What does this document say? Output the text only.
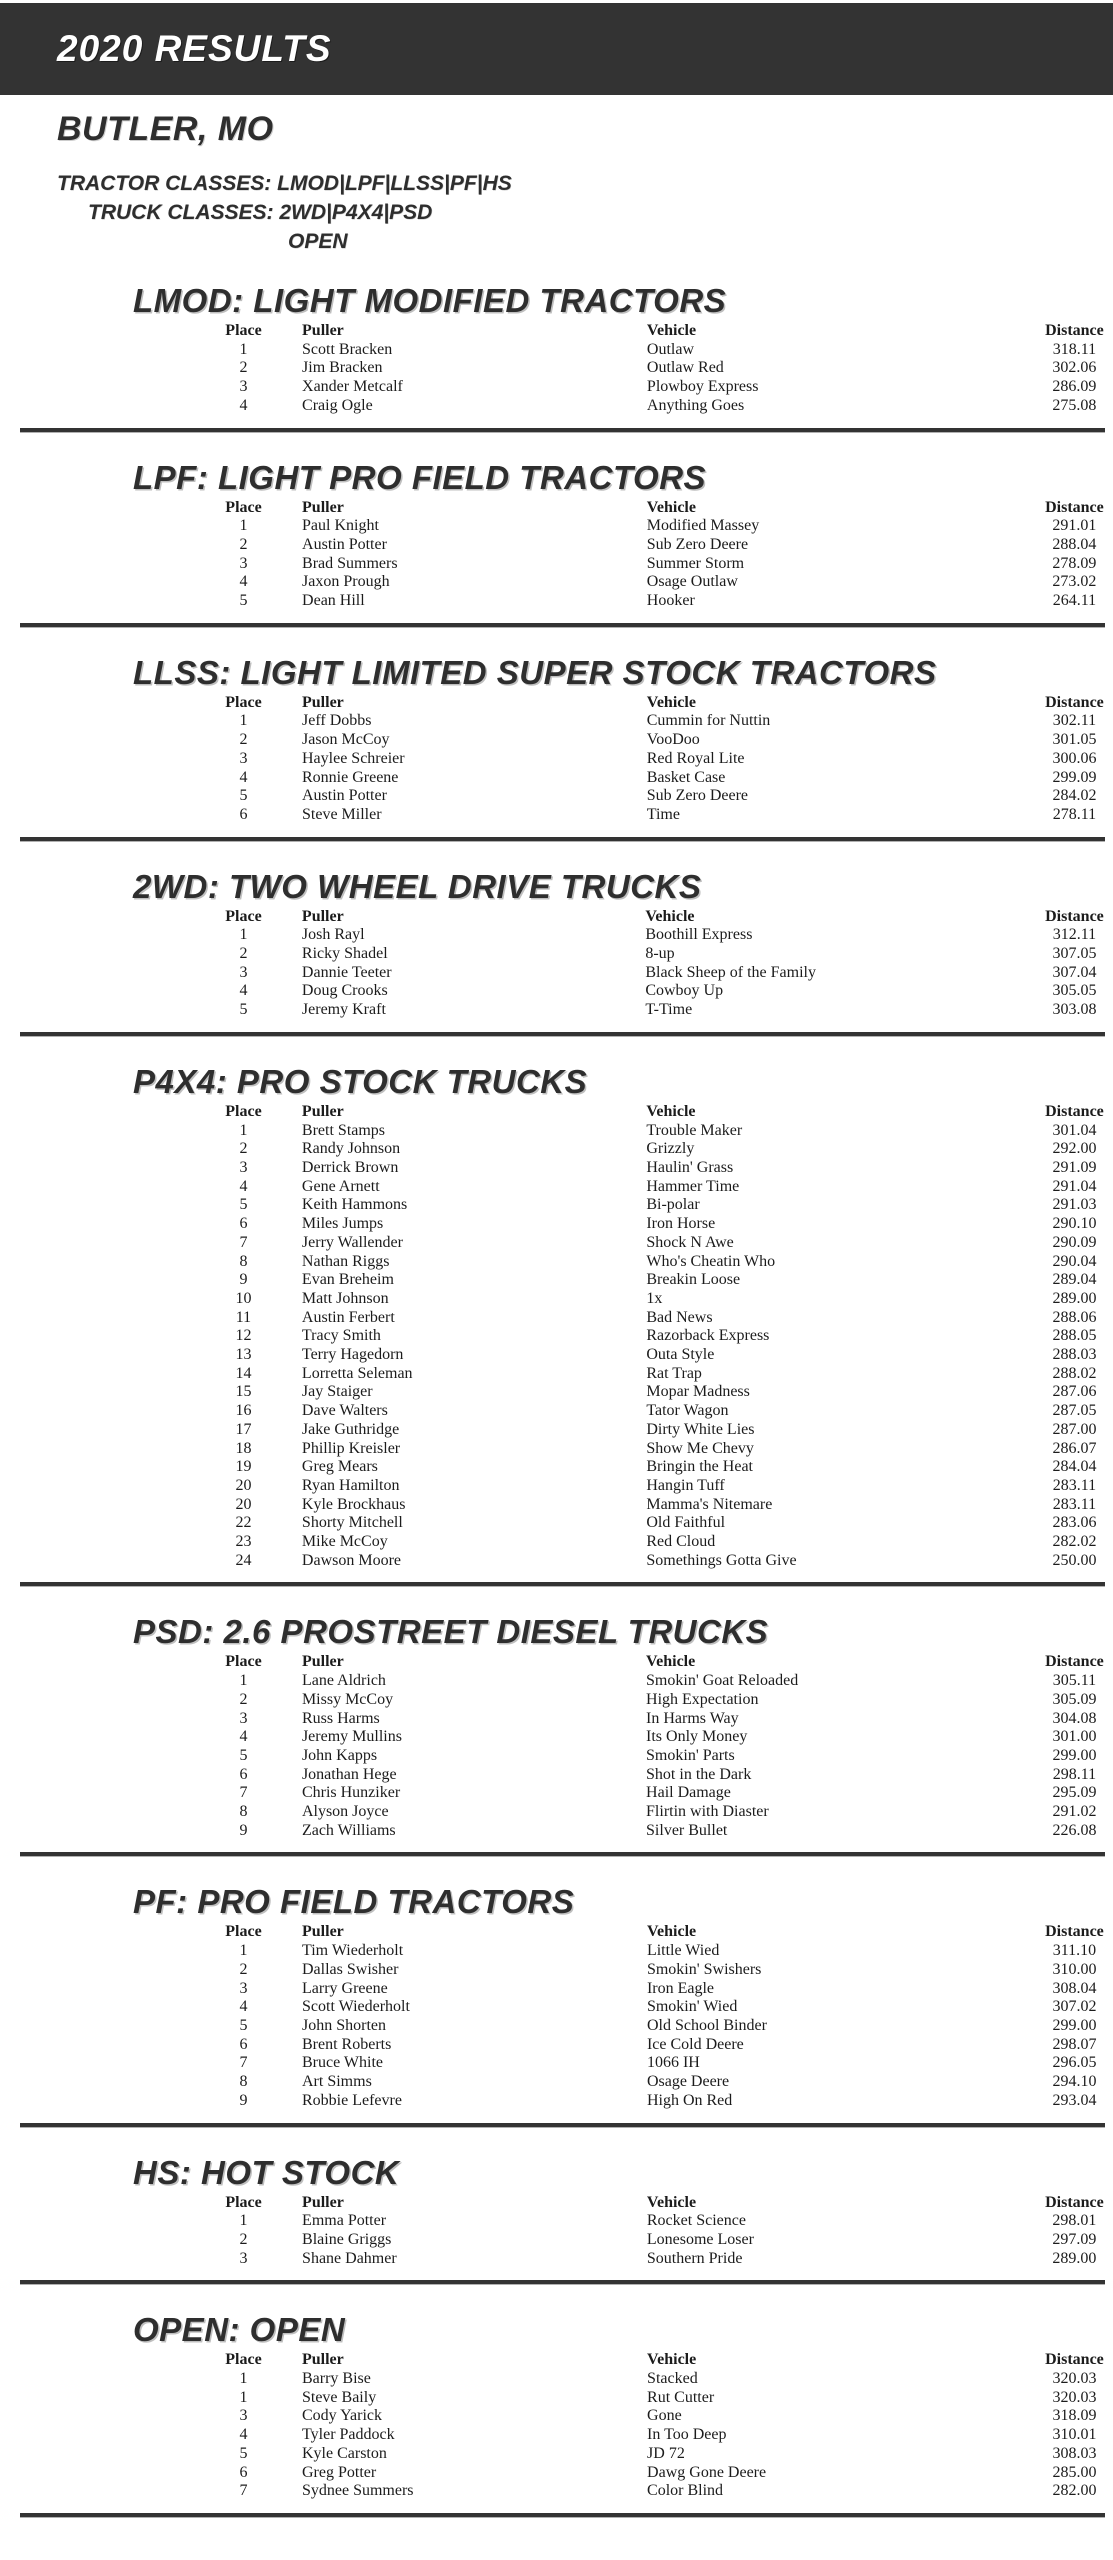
2020 RESULTS
BUTLER, MO
TRACTOR CLASSES: LMOD|LPF|LLSS|PF|HS
TRUCK CLASSES: 2WD|P4X4|PSD
OPEN
LMOD: LIGHT MODIFIED TRACTORS
Place	Puller	Vehicle	Distance
1	Scott Bracken	Outlaw	318.11
2	Jim Bracken	Outlaw Red	302.06
3	Xander Metcalf	Plowboy Express	286.09
4	Craig Ogle	Anything Goes	275.08
LPF: LIGHT PRO FIELD TRACTORS
Place	Puller	Vehicle	Distance
1	Paul Knight	Modified Massey	291.01
2	Austin Potter	Sub Zero Deere	288.04
3	Brad Summers	Summer Storm	278.09
4	Jaxon Prough	Osage Outlaw	273.02
5	Dean Hill	Hooker	264.11
LLSS: LIGHT LIMITED SUPER STOCK TRACTORS
Place	Puller	Vehicle	Distance
1	Jeff Dobbs	Cummin for Nuttin	302.11
2	Jason McCoy	VooDoo	301.05
3	Haylee Schreier	Red Royal Lite	300.06
4	Ronnie Greene	Basket Case	299.09
5	Austin Potter	Sub Zero Deere	284.02
6	Steve Miller	Time	278.11
2WD: TWO WHEEL DRIVE TRUCKS
Place	Puller	Vehicle	Distance
1	Josh Rayl	Boothill Express	312.11
2	Ricky Shadel	8-up	307.05
3	Dannie Teeter	Black Sheep of the Family	307.04
4	Doug Crooks	Cowboy Up	305.05
5	Jeremy Kraft	T-Time	303.08
P4X4: PRO STOCK TRUCKS
Place	Puller	Vehicle	Distance
1	Brett Stamps	Trouble Maker	301.04
2	Randy Johnson	Grizzly	292.00
3	Derrick Brown	Haulin' Grass	291.09
4	Gene Arnett	Hammer Time	291.04
5	Keith Hammons	Bi-polar	291.03
6	Miles Jumps	Iron Horse	290.10
7	Jerry Wallender	Shock N Awe	290.09
8	Nathan Riggs	Who's Cheatin Who	290.04
9	Evan Breheim	Breakin Loose	289.04
10	Matt Johnson	1x	289.00
11	Austin Ferbert	Bad News	288.06
12	Tracy Smith	Razorback Express	288.05
13	Terry Hagedorn	Outa Style	288.03
14	Lorretta Seleman	Rat Trap	288.02
15	Jay Staiger	Mopar Madness	287.06
16	Dave Walters	Tator Wagon	287.05
17	Jake Guthridge	Dirty White Lies	287.00
18	Phillip Kreisler	Show Me Chevy	286.07
19	Greg Mears	Bringin the Heat	284.04
20	Ryan Hamilton	Hangin Tuff	283.11
20	Kyle Brockhaus	Mamma's Nitemare	283.11
22	Shorty Mitchell	Old Faithful	283.06
23	Mike McCoy	Red Cloud	282.02
24	Dawson Moore	Somethings Gotta Give	250.00
PSD: 2.6 PROSTREET DIESEL TRUCKS
Place	Puller	Vehicle	Distance
1	Lane Aldrich	Smokin' Goat Reloaded	305.11
2	Missy McCoy	High Expectation	305.09
3	Russ Harms	In Harms Way	304.08
4	Jeremy Mullins	Its Only Money	301.00
5	John Kapps	Smokin' Parts	299.00
6	Jonathan Hege	Shot in the Dark	298.11
7	Chris Hunziker	Hail Damage	295.09
8	Alyson Joyce	Flirtin with Diaster	291.02
9	Zach Williams	Silver Bullet	226.08
PF: PRO FIELD TRACTORS
Place	Puller	Vehicle	Distance
1	Tim Wiederholt	Little Wied	311.10
2	Dallas Swisher	Smokin' Swishers	310.00
3	Larry Greene	Iron Eagle	308.04
4	Scott Wiederholt	Smokin' Wied	307.02
5	John Shorten	Old School Binder	299.00
6	Brent Roberts	Ice Cold Deere	298.07
7	Bruce White	1066 IH	296.05
8	Art Simms	Osage Deere	294.10
9	Robbie Lefevre	High On Red	293.04
HS: HOT STOCK
Place	Puller	Vehicle	Distance
1	Emma Potter	Rocket Science	298.01
2	Blaine Griggs	Lonesome Loser	297.09
3	Shane Dahmer	Southern Pride	289.00
OPEN: OPEN
Place	Puller	Vehicle	Distance
1	Barry Bise	Stacked	320.03
1	Steve Baily	Rut Cutter	320.03
3	Cody Yarick	Gone	318.09
4	Tyler Paddock	In Too Deep	310.01
5	Kyle Carston	JD 72	308.03
6	Greg Potter	Dawg Gone Deere	285.00
7	Sydnee Summers	Color Blind	282.00
